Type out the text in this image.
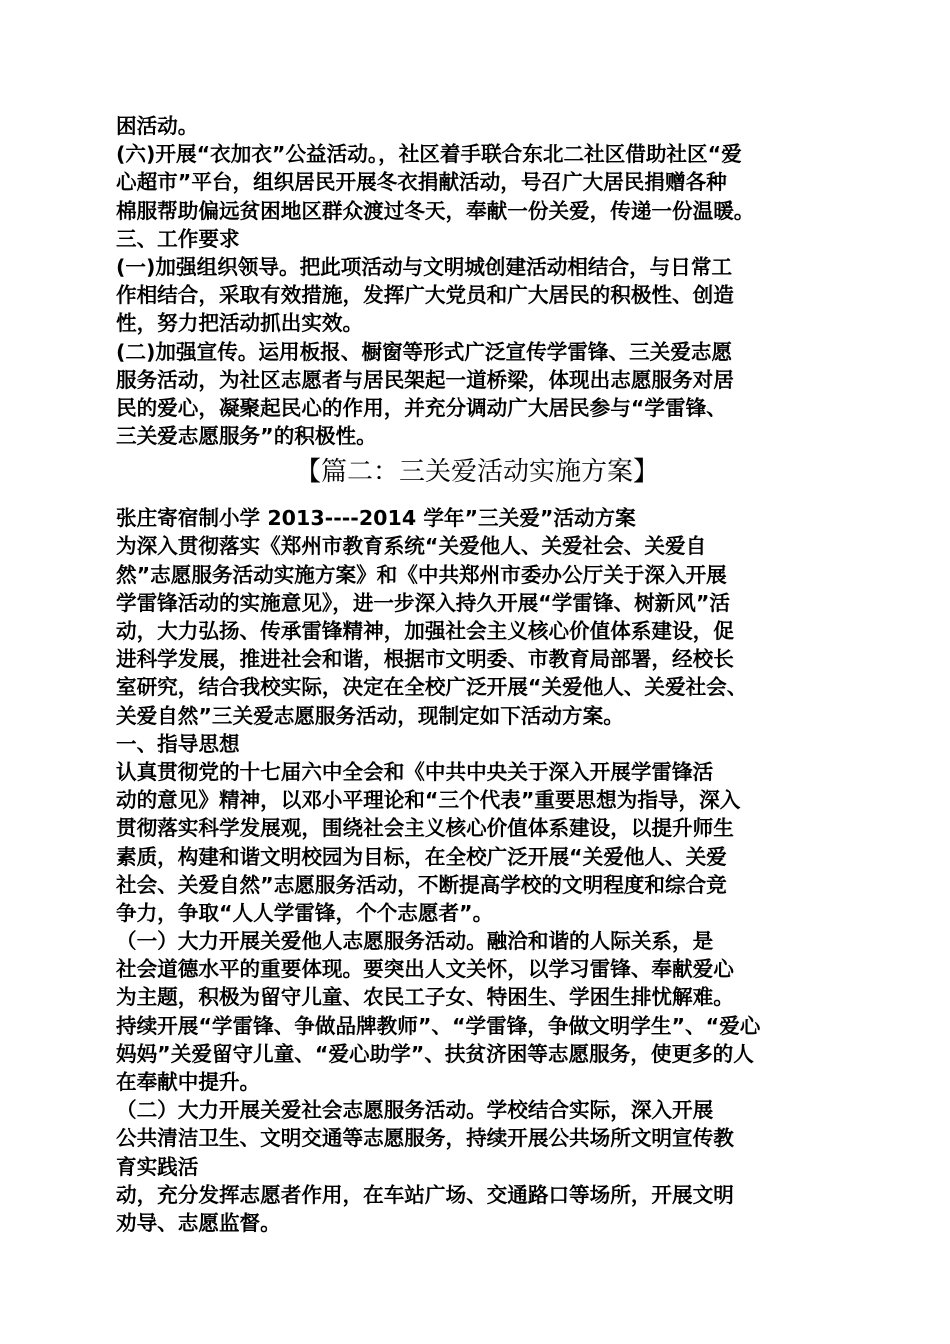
困活动。
(六)开展“衣加衣”公益活动。，社区着手联合东北二社区借助社区“爱
心超市”平台，组织居民开展冬衣捐献活动，号召广大居民捐赠各种
棉服帮助偏远贫困地区群众渡过冬天，奉献一份关爱，传递一份温暖。
三、工作要求
(一)加强组织领导。把此项活动与文明城创建活动相结合，与日常工
作相结合，采取有效措施，发挥广大党员和广大居民的积极性、创造
性，努力把活动抓出实效。
(二)加强宣传。运用板报、橱窗等形式广泛宣传学雷锋、三关爱志愿
服务活动，为社区志愿者与居民架起一道桥梁，体现出志愿服务对居
民的爱心，凝聚起民心的作用，并充分调动广大居民参与“学雷锋、
三关爱志愿服务”的积极性。
【篇二：三关爱活动实施方案】
张庄寄宿制小学 2013----2014 学年”三关爱”活动方案
为深入贯彻落实《郑州市教育系统“关爱他人、关爱社会、关爱自
然”志愿服务活动实施方案》和《中共郑州市委办公厅关于深入开展
学雷锋活动的实施意见》，进一步深入持久开展“学雷锋、树新风”活
动，大力弘扬、传承雷锋精神，加强社会主义核心价值体系建设，促
进科学发展，推进社会和谐，根据市文明委、市教育局部署，经校长
室研究，结合我校实际，决定在全校广泛开展“关爱他人、关爱社会、
关爱自然”三关爱志愿服务活动，现制定如下活动方案。
一、指导思想
认真贯彻党的十七届六中全会和《中共中央关于深入开展学雷锋活
动的意见》精神，以邓小平理论和“三个代表”重要思想为指导，深入
贯彻落实科学发展观，围绕社会主义核心价值体系建设，以提升师生
素质，构建和谐文明校园为目标，在全校广泛开展“关爱他人、关爱
社会、关爱自然”志愿服务活动，不断提高学校的文明程度和综合竞
争力，争取“人人学雷锋，个个志愿者”。
（一）大力开展关爱他人志愿服务活动。融洽和谐的人际关系，是
社会道德水平的重要体现。要突出人文关怀，以学习雷锋、奉献爱心
为主题，积极为留守儿童、农民工子女、特困生、学困生排忧解难。
持续开展“学雷锋、争做品牌教师”、“学雷锋，争做文明学生”、“爱心
妈妈”关爱留守儿童、“爱心助学”、扶贫济困等志愿服务，使更多的人
在奉献中提升。
（二）大力开展关爱社会志愿服务活动。学校结合实际，深入开展
公共清洁卫生、文明交通等志愿服务，持续开展公共场所文明宣传教
育实践活
动，充分发挥志愿者作用，在车站广场、交通路口等场所，开展文明
劝导、志愿监督。
